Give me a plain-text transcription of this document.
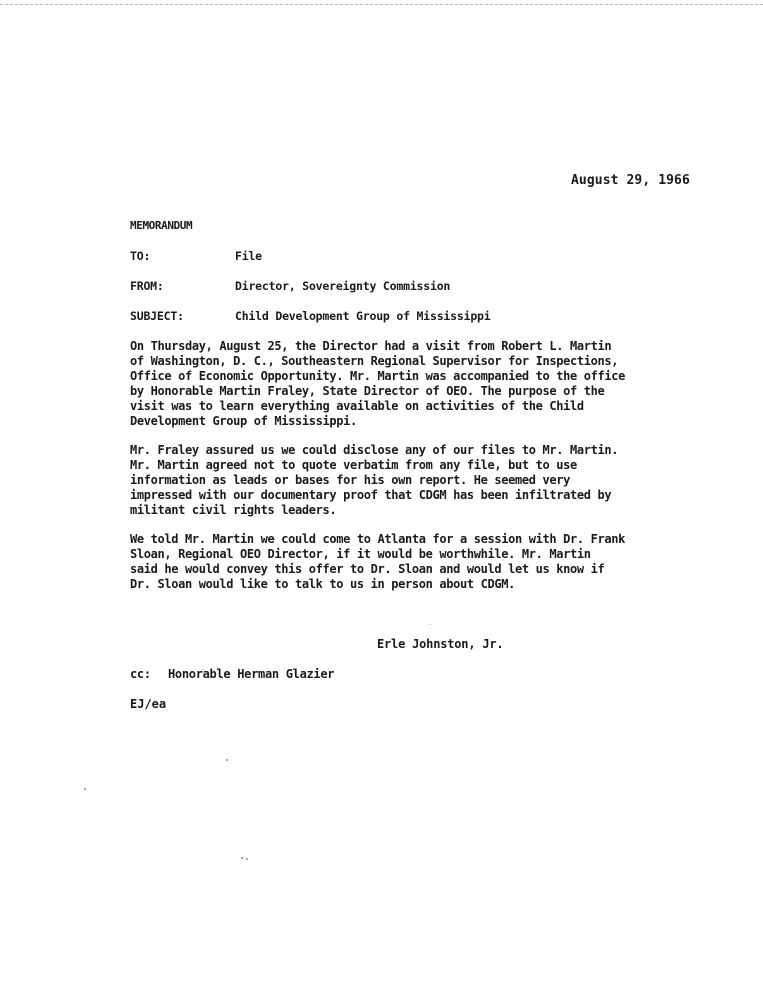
August 29, 1966
MEMORANDUM
TO:	File
FROM:	Director, Sovereignty Commission
SUBJECT:	Child Development Group of Mississippi
On Thursday, August 25, the Director had a visit from Robert L. Martin
of Washington, D. C., Southeastern Regional Supervisor for Inspections,
Office of Economic Opportunity. Mr. Martin was accompanied to the office
by Honorable Martin Fraley, State Director of OEO. The purpose of the
visit was to learn everything available on activities of the Child
Development Group of Mississippi.
Mr. Fraley assured us we could disclose any of our files to Mr. Martin.
Mr. Martin agreed not to quote verbatim from any file, but to use
information as leads or bases for his own report. He seemed very
impressed with our documentary proof that CDGM has been infiltrated by
militant civil rights leaders.
We told Mr. Martin we could come to Atlanta for a session with Dr. Frank
Sloan, Regional OEO Director, if it would be worthwhile. Mr. Martin
said he would convey this offer to Dr. Sloan and would let us know if
Dr. Sloan would like to talk to us in person about CDGM.
Erle Johnston, Jr.
cc: Honorable Herman Glazier
EJ/ea
